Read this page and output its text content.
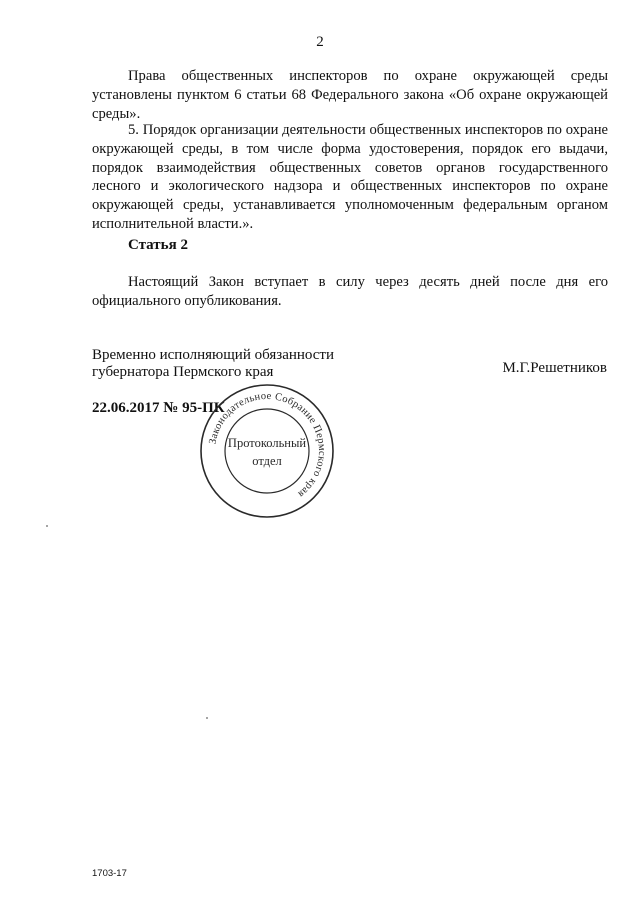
2

Права общественных инспекторов по охране окружающей среды установлены пунктом 6 статьи 68 Федерального закона «Об охране окружающей среды».

5. Порядок организации деятельности общественных инспекторов по охране окружающей среды, в том числе форма удостоверения, порядок его выдачи, порядок взаимодействия общественных советов органов государственного лесного и экологического надзора и общественных инспекторов по охране окружающей среды, устанавливается уполномоченным федеральным органом исполнительной власти.».

Статья 2

Настоящий Закон вступает в силу через десять дней после дня его официального опубликования.

Временно исполняющий обязанности
губернатора Пермского края	М.Г.Решетников
22.06.2017 № 95-ПК
Законодательное Собрание Пермского края
Протокольный
отдел
1703-17
